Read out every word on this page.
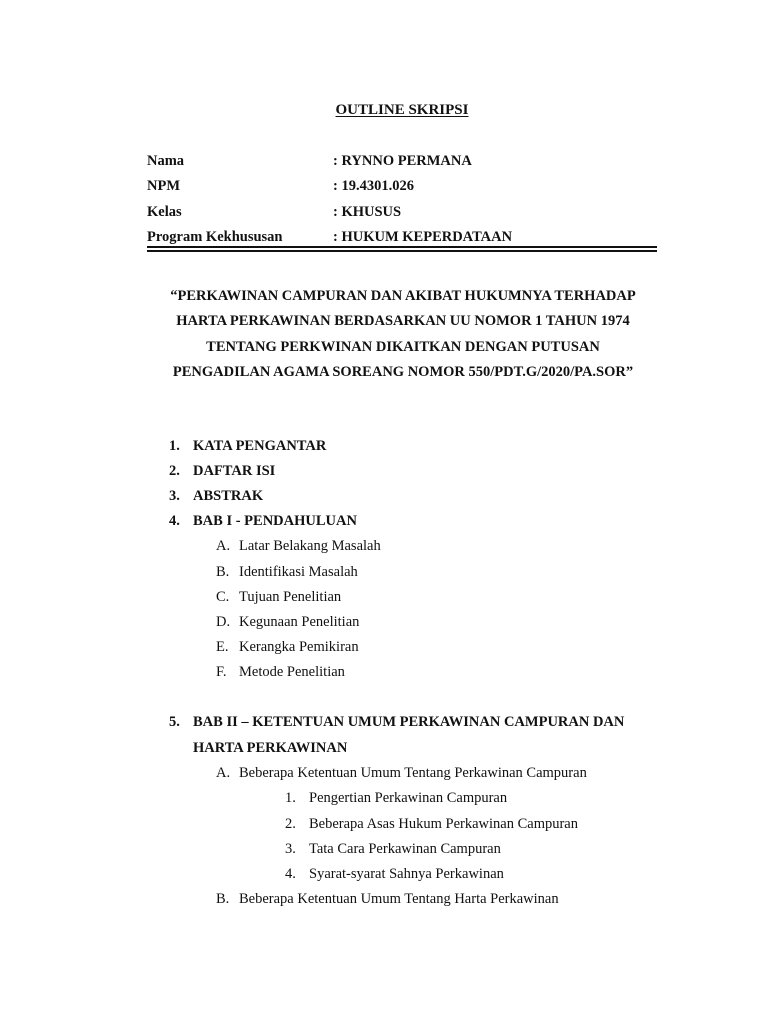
OUTLINE SKRIPSI
Nama	: RYNNO PERMANA
NPM	: 19.4301.026
Kelas	: KHUSUS
Program Kekhususan	: HUKUM KEPERDATAAN
“PERKAWINAN CAMPURAN DAN AKIBAT HUKUMNYA TERHADAP
HARTA PERKAWINAN BERDASARKAN UU NOMOR 1 TAHUN 1974
TENTANG PERKWINAN DIKAITKAN DENGAN PUTUSAN
PENGADILAN AGAMA SOREANG NOMOR 550/PDT.G/2020/PA.SOR”
1. KATA PENGANTAR
2. DAFTAR ISI
3. ABSTRAK
4. BAB I - PENDAHULUAN
A. Latar Belakang Masalah
B. Identifikasi Masalah
C. Tujuan Penelitian
D. Kegunaan Penelitian
E. Kerangka Pemikiran
F. Metode Penelitian
5. BAB II – KETENTUAN UMUM PERKAWINAN CAMPURAN DAN
HARTA PERKAWINAN
A. Beberapa Ketentuan Umum Tentang Perkawinan Campuran
1. Pengertian Perkawinan Campuran
2. Beberapa Asas Hukum Perkawinan Campuran
3. Tata Cara Perkawinan Campuran
4. Syarat-syarat Sahnya Perkawinan
B. Beberapa Ketentuan Umum Tentang Harta Perkawinan
